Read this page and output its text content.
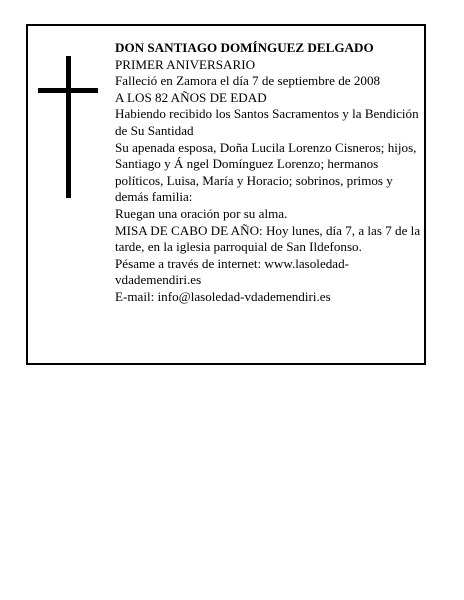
DON SANTIAGO DOMÍNGUEZ DELGADO

PRIMER ANIVERSARIO

Falleció en Zamora el día 7 de septiembre de 2008

A LOS 82 AÑOS DE EDAD

Habiendo recibido los Santos Sacramentos y la Bendición de Su Santidad

Su apenada esposa, Doña Lucila Lorenzo Cisneros; hijos, Santiago y Á ngel Domínguez Lorenzo; hermanos políticos, Luisa, María y Horacio; sobrinos, primos y demás familia:

Ruegan una oración por su alma.

MISA DE CABO DE AÑO: Hoy lunes, día 7, a las 7 de la tarde, en la iglesia parroquial de San Ildefonso.

Pésame a través de internet: www.lasoledad-vdademendiri.es

E-mail: info@lasoledad-vdademendiri.es
